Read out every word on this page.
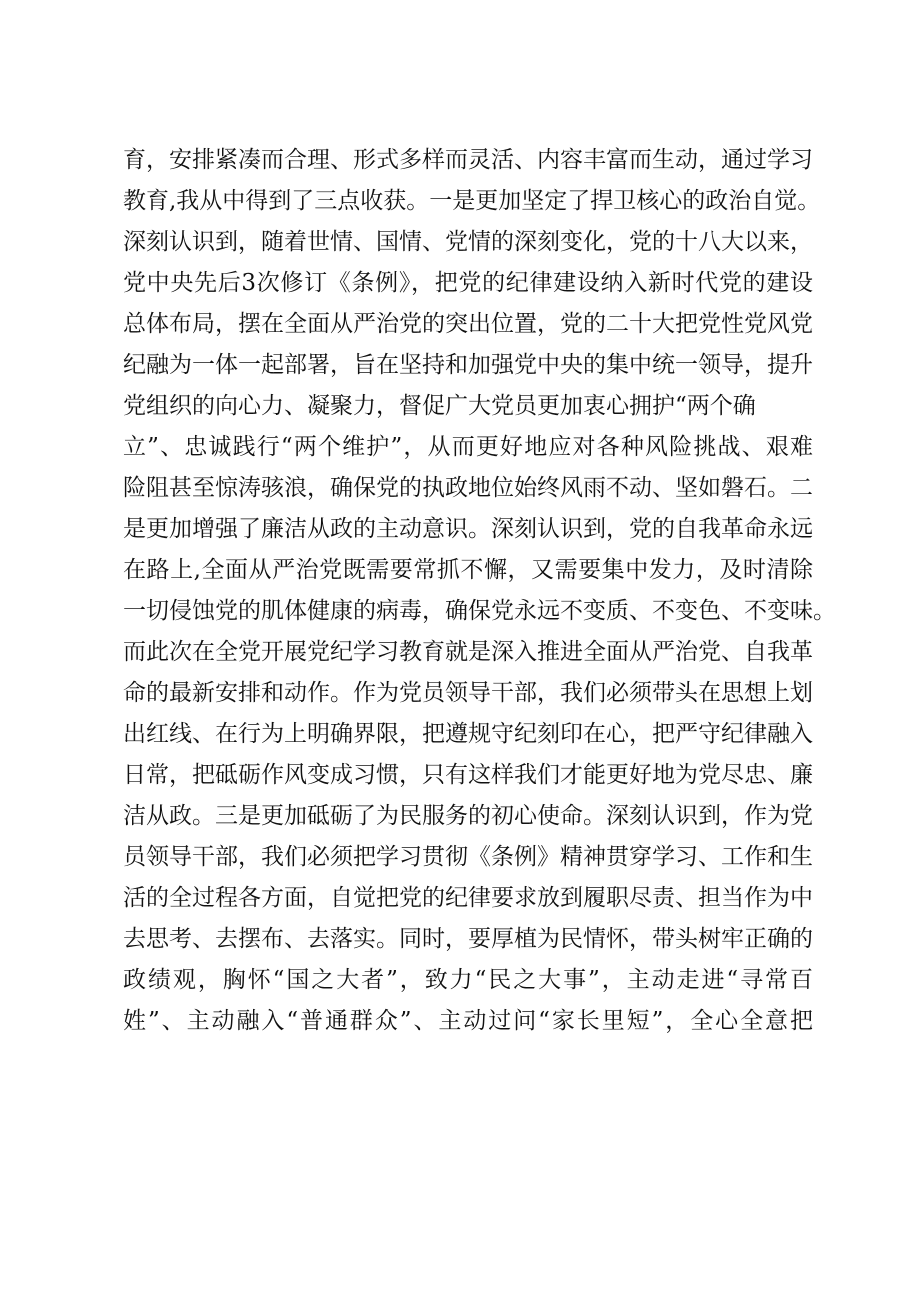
育，安排紧凑而合理、形式多样而灵活、内容丰富而生动，通过学习
教育,我从中得到了三点收获。一是更加坚定了捍卫核心的政治自觉。
深刻认识到，随着世情、国情、党情的深刻变化，党的十八大以来，
党中央先后3次修订《条例》，把党的纪律建设纳入新时代党的建设
总体布局，摆在全面从严治党的突出位置，党的二十大把党性党风党
纪融为一体一起部署，旨在坚持和加强党中央的集中统一领导，提升
党组织的向心力、凝聚力，督促广大党员更加衷心拥护“两个确
立”、忠诚践行“两个维护”，从而更好地应对各种风险挑战、艰难
险阻甚至惊涛骇浪，确保党的执政地位始终风雨不动、坚如磐石。二
是更加增强了廉洁从政的主动意识。深刻认识到，党的自我革命永远
在路上,全面从严治党既需要常抓不懈，又需要集中发力，及时清除
一切侵蚀党的肌体健康的病毒，确保党永远不变质、不变色、不变味。
而此次在全党开展党纪学习教育就是深入推进全面从严治党、自我革
命的最新安排和动作。作为党员领导干部，我们必须带头在思想上划
出红线、在行为上明确界限，把遵规守纪刻印在心，把严守纪律融入
日常，把砥砺作风变成习惯，只有这样我们才能更好地为党尽忠、廉
洁从政。三是更加砥砺了为民服务的初心使命。深刻认识到，作为党
员领导干部，我们必须把学习贯彻《条例》精神贯穿学习、工作和生
活的全过程各方面，自觉把党的纪律要求放到履职尽责、担当作为中
去思考、去摆布、去落实。同时，要厚植为民情怀，带头树牢正确的
政绩观，胸怀“国之大者”，致力“民之大事”，主动走进“寻常百
姓”、主动融入“普通群众”、主动过问“家长里短”，全心全意把
